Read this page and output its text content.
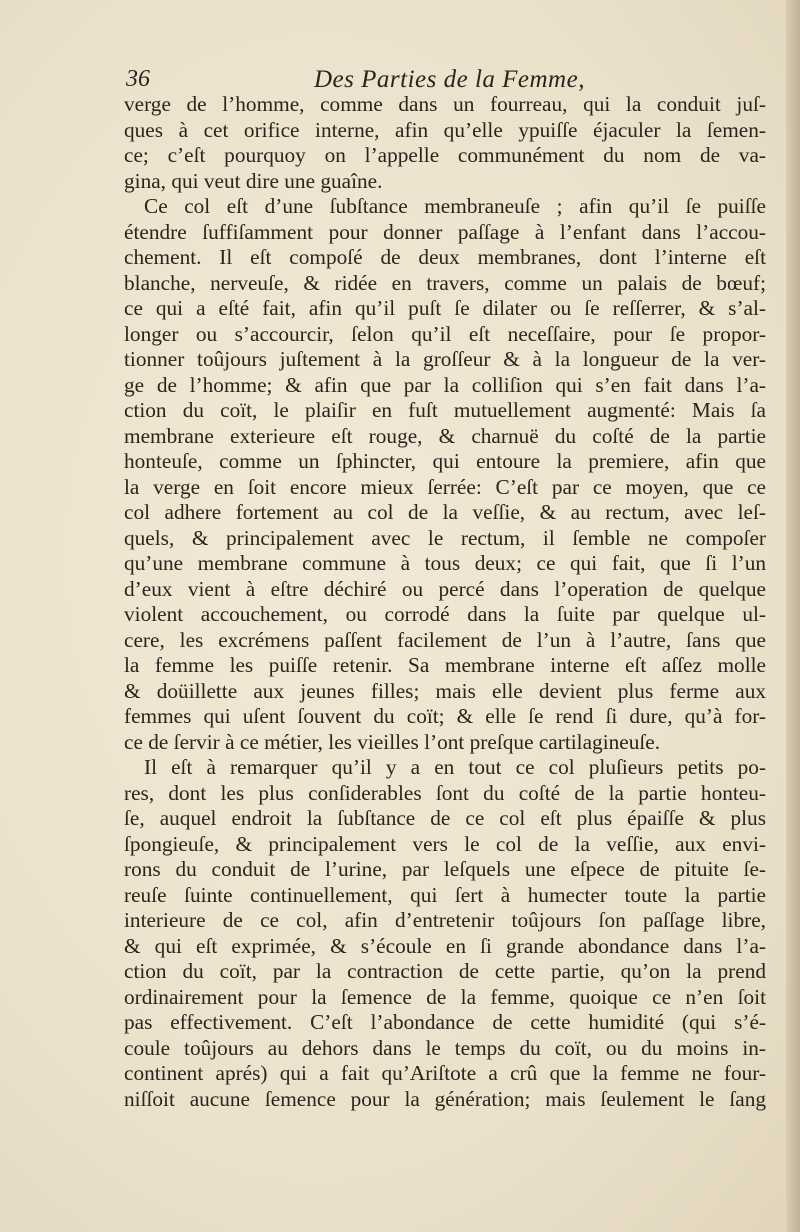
36	Des Parties de la Femme,
verge de l’homme, comme dans un fourreau, qui la conduit juſ-
ques à cet orifice interne, afin qu’elle ypuiſſe éjaculer la ſemen-
ce; c’eſt pourquoy on l’appelle communément du nom de va-
gina, qui veut dire une guaîne.
Ce col eſt d’une ſubſtance membraneuſe ; afin qu’il ſe puiſſe
étendre ſuffiſamment pour donner paſſage à l’enfant dans l’accou-
chement. Il eſt compoſé de deux membranes, dont l’interne eſt
blanche, nerveuſe, & ridée en travers, comme un palais de bœuf;
ce qui a eſté fait, afin qu’il puſt ſe dilater ou ſe reſſerrer, & s’al-
longer ou s’accourcir, ſelon qu’il eſt neceſſaire, pour ſe propor-
tionner toûjours juſtement à la groſſeur & à la longueur de la ver-
ge de l’homme; & afin que par la colliſion qui s’en fait dans l’a-
ction du coït, le plaiſir en fuſt mutuellement augmenté: Mais ſa
membrane exterieure eſt rouge, & charnuë du coſté de la partie
honteuſe, comme un ſphincter, qui entoure la premiere, afin que
la verge en ſoit encore mieux ſerrée: C’eſt par ce moyen, que ce
col adhere fortement au col de la veſſie, & au rectum, avec leſ-
quels, & principalement avec le rectum, il ſemble ne compoſer
qu’une membrane commune à tous deux; ce qui fait, que ſi l’un
d’eux vient à eſtre déchiré ou percé dans l’operation de quelque
violent accouchement, ou corrodé dans la ſuite par quelque ul-
cere, les excrémens paſſent facilement de l’un à l’autre, ſans que
la femme les puiſſe retenir. Sa membrane interne eſt aſſez molle
& doüillette aux jeunes filles; mais elle devient plus ferme aux
femmes qui uſent ſouvent du coït; & elle ſe rend ſi dure, qu’à for-
ce de ſervir à ce métier, les vieilles l’ont preſque cartilagineuſe.
Il eſt à remarquer qu’il y a en tout ce col pluſieurs petits po-
res, dont les plus conſiderables ſont du coſté de la partie honteu-
ſe, auquel endroit la ſubſtance de ce col eſt plus épaiſſe & plus
ſpongieuſe, & principalement vers le col de la veſſie, aux envi-
rons du conduit de l’urine, par leſquels une eſpece de pituite ſe-
reuſe ſuinte continuellement, qui ſert à humecter toute la partie
interieure de ce col, afin d’entretenir toûjours ſon paſſage libre,
& qui eſt exprimée, & s’écoule en ſi grande abondance dans l’a-
ction du coït, par la contraction de cette partie, qu’on la prend
ordinairement pour la ſemence de la femme, quoique ce n’en ſoit
pas effectivement. C’eſt l’abondance de cette humidité (qui s’é-
coule toûjours au dehors dans le temps du coït, ou du moins in-
continent aprés) qui a fait qu’Ariſtote a crû que la femme ne four-
niſſoit aucune ſemence pour la génération; mais ſeulement le ſang
